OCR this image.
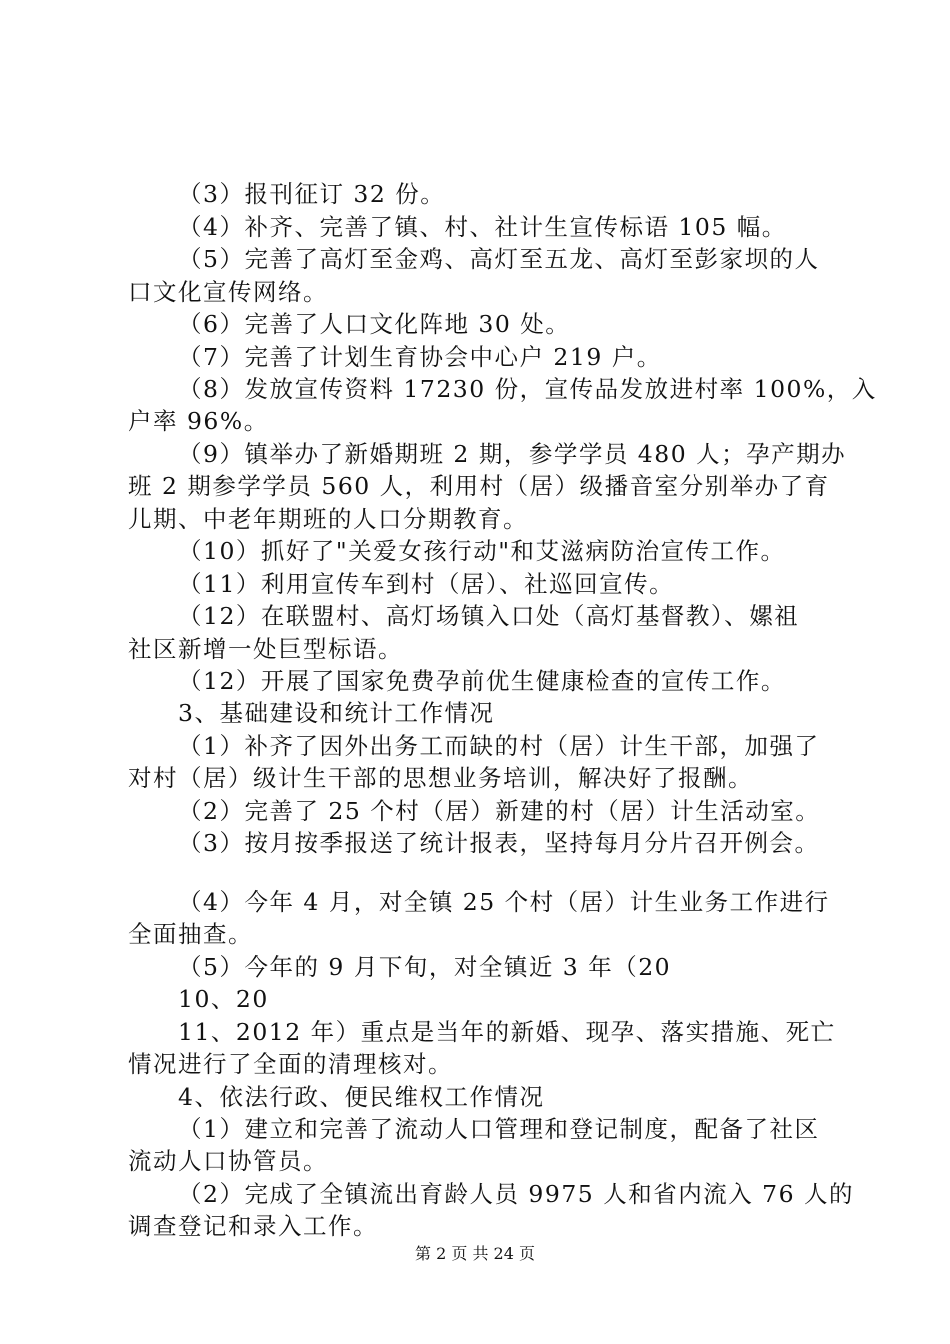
（3）报刊征订 32 份。
（4）补齐、完善了镇、村、社计生宣传标语 105 幅。
（5）完善了高灯至金鸡、高灯至五龙、高灯至彭家坝的人
口文化宣传网络。
（6）完善了人口文化阵地 30 处。
（7）完善了计划生育协会中心户 219 户。
（8）发放宣传资料 17230 份，宣传品发放进村率 100%，入
户率 96%。
（9）镇举办了新婚期班 2 期，参学学员 480 人；孕产期办
班 2 期参学学员 560 人，利用村（居）级播音室分别举办了育
儿期、中老年期班的人口分期教育。
（10）抓好了"关爱女孩行动"和艾滋病防治宣传工作。
（11）利用宣传车到村（居）、社巡回宣传。
（12）在联盟村、高灯场镇入口处（高灯基督教）、嫘祖
社区新增一处巨型标语。
（12）开展了国家免费孕前优生健康检查的宣传工作。
3、基础建设和统计工作情况
（1）补齐了因外出务工而缺的村（居）计生干部，加强了
对村（居）级计生干部的思想业务培训，解决好了报酬。
（2）完善了 25 个村（居）新建的村（居）计生活动室。
（3）按月按季报送了统计报表，坚持每月分片召开例会。
（4）今年 4 月，对全镇 25 个村（居）计生业务工作进行
全面抽查。
（5）今年的 9 月下旬，对全镇近 3 年（20
10、20
11、2012 年）重点是当年的新婚、现孕、落实措施、死亡
情况进行了全面的清理核对。
4、依法行政、便民维权工作情况
（1）建立和完善了流动人口管理和登记制度，配备了社区
流动人口协管员。
（2）完成了全镇流出育龄人员 9975 人和省内流入 76 人的
调查登记和录入工作。
第 2 页 共 24 页
